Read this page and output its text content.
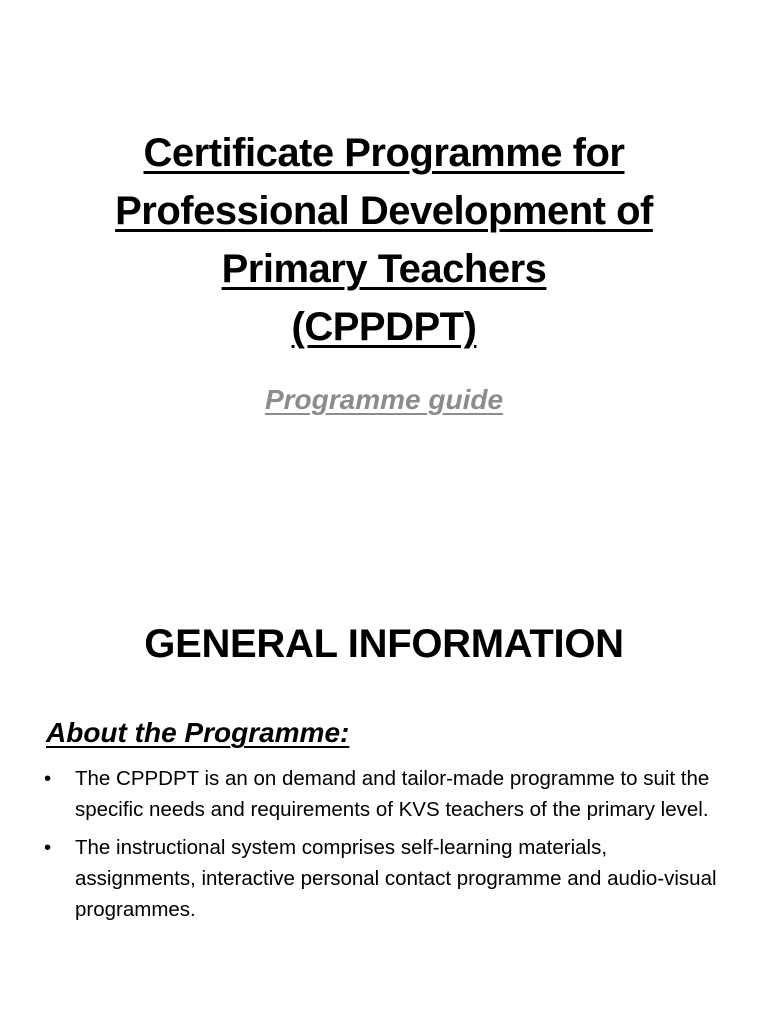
Certificate Programme for
Professional Development of
Primary Teachers
(CPPDPT)
Programme guide
GENERAL INFORMATION
About the Programme:
• The CPPDPT is an on demand and tailor-made programme to suit the specific needs and requirements of KVS teachers of the primary level.
• The instructional system comprises self-learning materials, assignments, interactive personal contact programme and audio-visual programmes.
